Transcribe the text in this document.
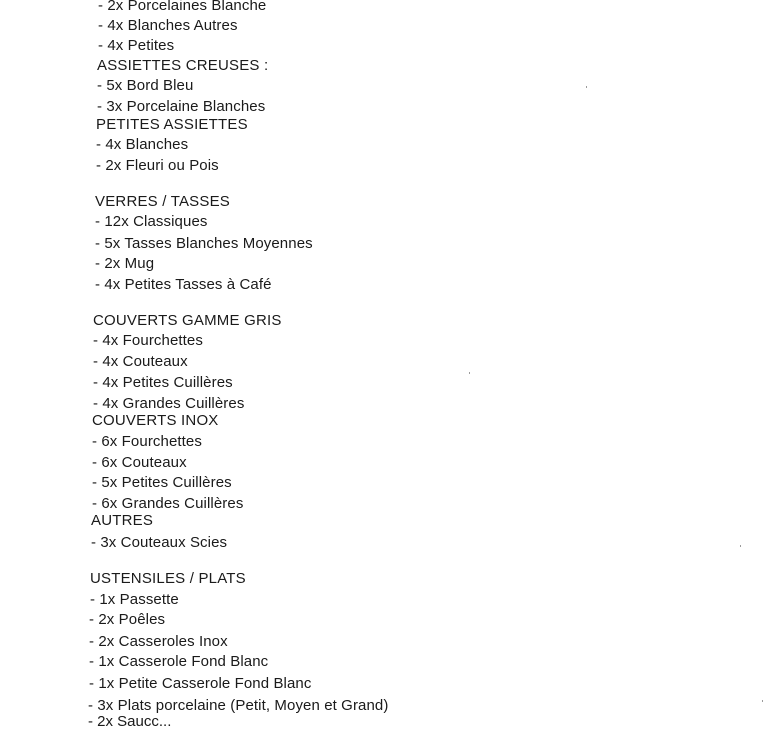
- 2x Porcelaines Blanche
- 4x Blanches Autres
- 4x Petites
ASSIETTES CREUSES :
- 5x Bord Bleu
- 3x Porcelaine Blanches
PETITES ASSIETTES
- 4x Blanches
- 2x Fleuri ou Pois
VERRES / TASSES
- 12x Classiques
- 5x Tasses Blanches Moyennes
- 2x Mug
- 4x Petites Tasses à Café
COUVERTS GAMME GRIS
- 4x Fourchettes
- 4x Couteaux
- 4x Petites Cuillères
- 4x Grandes Cuillères
COUVERTS INOX
- 6x Fourchettes
- 6x Couteaux
- 5x Petites Cuillères
- 6x Grandes Cuillères
AUTRES
- 3x Couteaux Scies
USTENSILES / PLATS
- 1x Passette
- 2x Poêles
- 2x Casseroles Inox
- 1x Casserole Fond Blanc
- 1x Petite Casserole Fond Blanc
- 3x Plats porcelaine (Petit, Moyen et Grand)
- 2x Saucc...
